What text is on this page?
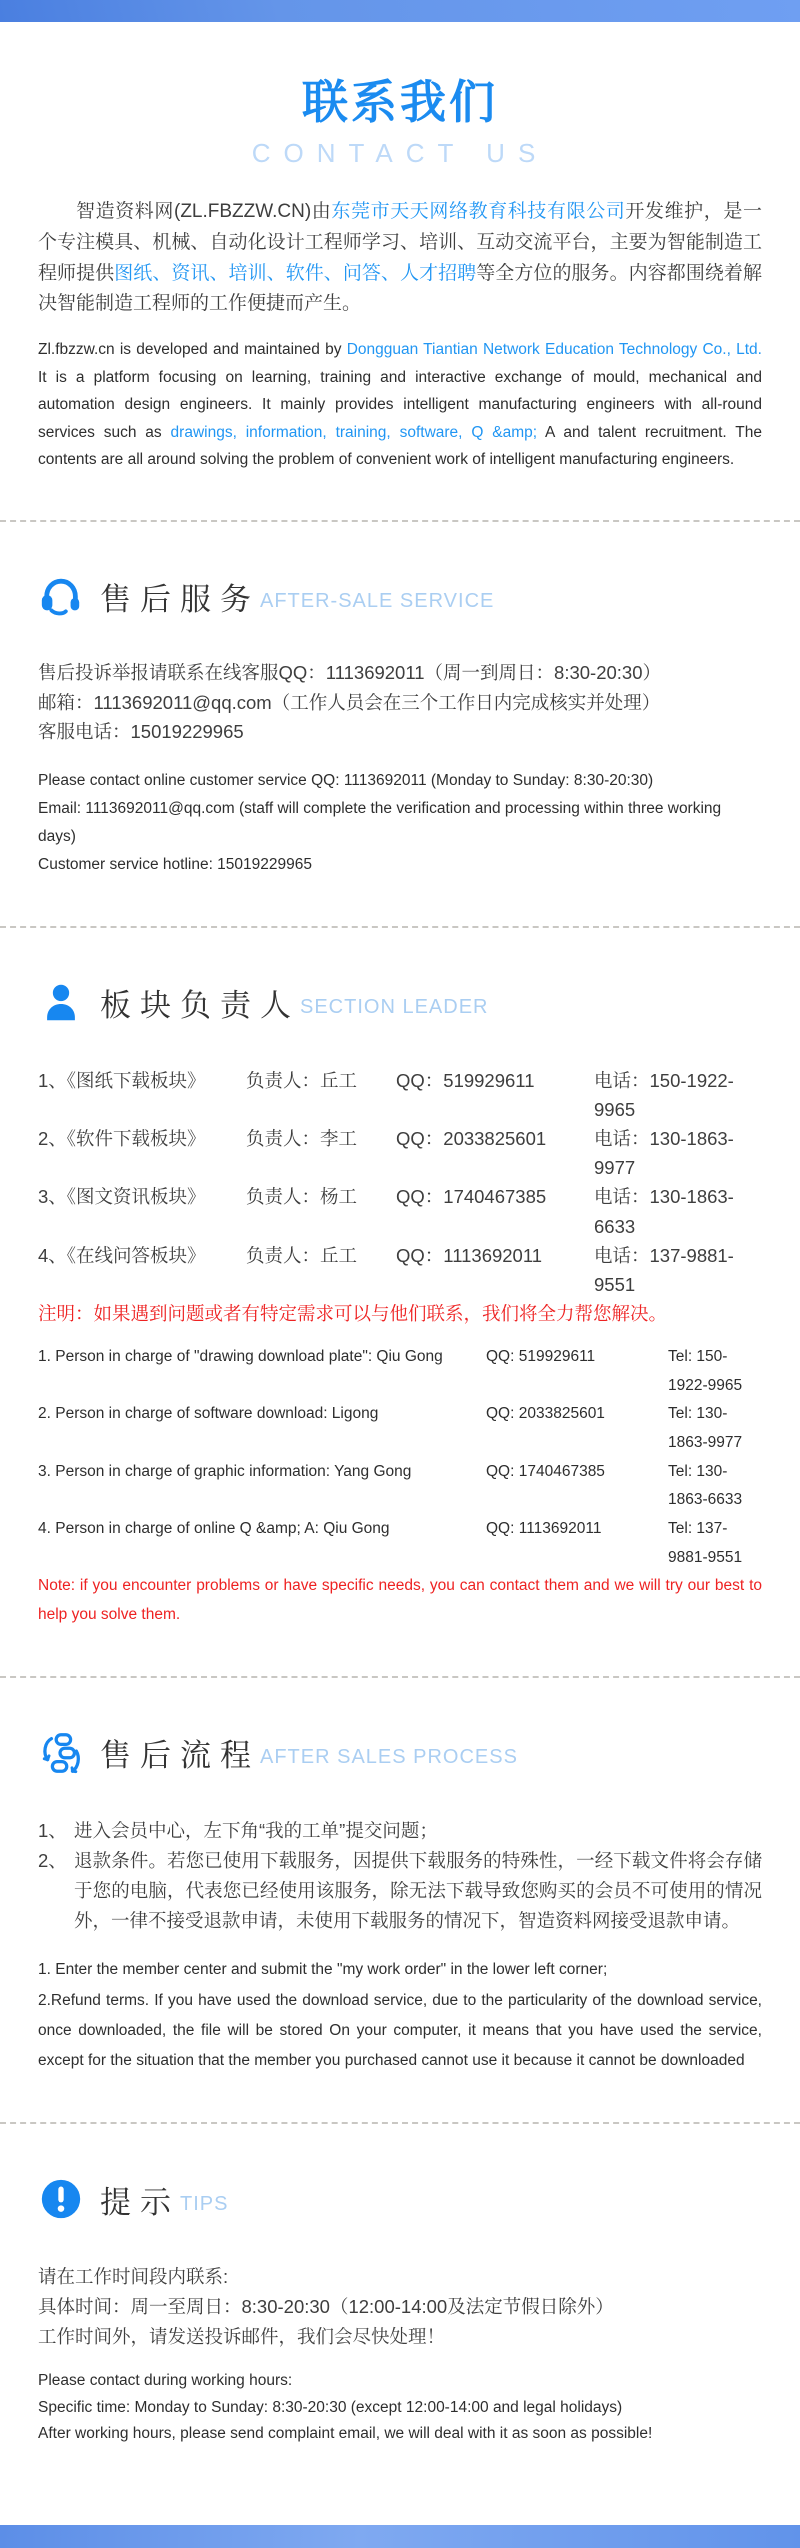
联系我们
CONTACT US

智造资料网(ZL.FBZZW.CN)由东莞市天天网络教育科技有限公司开发维护，是一个专注模具、机械、自动化设计工程师学习、培训、互动交流平台，主要为智能制造工程师提供图纸、资讯、培训、软件、问答、人才招聘等全方位的服务。内容都围绕着解决智能制造工程师的工作便捷而产生。

Zl.fbzzw.cn is developed and maintained by Dongguan Tiantian Network Education Technology Co., Ltd. It is a platform focusing on learning, training and interactive exchange of mould, mechanical and automation design engineers. It mainly provides intelligent manufacturing engineers with all-round services such as drawings, information, training, software, Q &amp; A and talent recruitment. The contents are all around solving the problem of convenient work of intelligent manufacturing engineers.

售后服务 AFTER-SALE SERVICE

售后投诉举报请联系在线客服QQ：1113692011（周一到周日：8:30-20:30）

邮箱：1113692011@qq.com（工作人员会在三个工作日内完成核实并处理）

客服电话：15019229965

Please contact online customer service QQ: 1113692011 (Monday to Sunday: 8:30-20:30)

Email: 1113692011@qq.com (staff will complete the verification and processing within three working days)

Customer service hotline: 15019229965

板块负责人 SECTION LEADER
1、《图纸下载板块》	负责人：丘工	QQ：519929611	电话：150-1922-9965
2、《软件下载板块》	负责人：李工	QQ：2033825601	电话：130-1863-9977
3、《图文资讯板块》	负责人：杨工	QQ：1740467385	电话：130-1863-6633
4、《在线问答板块》	负责人：丘工	QQ：1113692011	电话：137-9881-9551

注明：如果遇到问题或者有特定需求可以与他们联系，我们将全力帮您解决。

1. Person in charge of "drawing download plate": Qiu Gong	QQ: 519929611	Tel: 150-1922-9965
2. Person in charge of software download: Ligong	QQ: 2033825601	Tel: 130-1863-9977
3. Person in charge of graphic information: Yang Gong	QQ: 1740467385	Tel: 130-1863-6633
4. Person in charge of online Q &amp; A: Qiu Gong	QQ: 1113692011	Tel: 137-9881-9551

Note: if you encounter problems or have specific needs, you can contact them and we will try our best to help you solve them.

售后流程 AFTER SALES PROCESS
1、 进入会员中心，左下角“我的工单”提交问题；
2、 退款条件。若您已使用下载服务，因提供下载服务的特殊性，一经下载文件将会存储于您的电脑，代表您已经使用该服务，除无法下载导致您购买的会员不可使用的情况外，一律不接受退款申请，未使用下载服务的情况下，智造资料网接受退款申请。

1. Enter the member center and submit the "my work order" in the lower left corner;

2.Refund terms. If you have used the download service, due to the particularity of the download service, once downloaded, the file will be stored On your computer, it means that you have used the service, except for the situation that the member you purchased cannot use it because it cannot be downloaded

提示 TIPS

请在工作时间段内联系:

具体时间：周一至周日：8:30-20:30（12:00-14:00及法定节假日除外）

工作时间外，请发送投诉邮件，我们会尽快处理！

Please contact during working hours:

Specific time: Monday to Sunday: 8:30-20:30 (except 12:00-14:00 and legal holidays)

After working hours, please send complaint email, we will deal with it as soon as possible!
